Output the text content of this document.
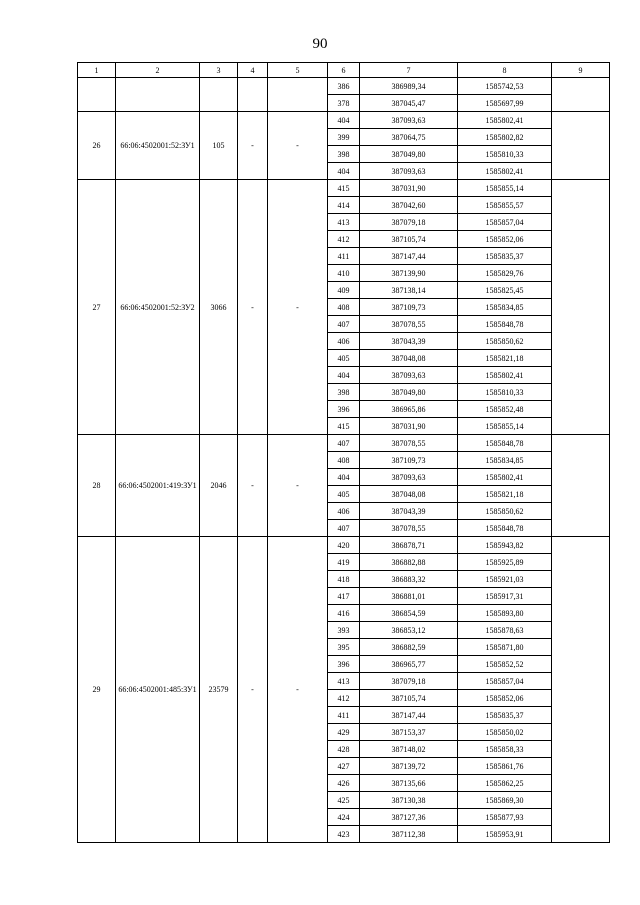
90
1	2	3	4	5	6	7	8	9
					386	386989,34	1585742,53	
					378	387045,47	1585697,99	
26	66:06:4502001:52:ЗУ1	105	-	-	404	387093,63	1585802,41	
					399	387064,75	1585802,82	
					398	387049,80	1585810,33	
					404	387093,63	1585802,41	
27	66:06:4502001:52:ЗУ2	3066	-	-	415	387031,90	1585855,14	
					414	387042,60	1585855,57	
					413	387079,18	1585857,04	
					412	387105,74	1585852,06	
					411	387147,44	1585835,37	
					410	387139,90	1585829,76	
					409	387138,14	1585825,45	
					408	387109,73	1585834,85	
					407	387078,55	1585848,78	
					406	387043,39	1585850,62	
					405	387048,08	1585821,18	
					404	387093,63	1585802,41	
					398	387049,80	1585810,33	
					396	386965,86	1585852,48	
					415	387031,90	1585855,14	
28	66:06:4502001:419:ЗУ1	2046	-	-	407	387078,55	1585848,78	
					408	387109,73	1585834,85	
					404	387093,63	1585802,41	
					405	387048,08	1585821,18	
					406	387043,39	1585850,62	
					407	387078,55	1585848,78	
29	66:06:4502001:485:ЗУ1	23579	-	-	420	386878,71	1585943,82	
					419	386882,88	1585925,89	
					418	386883,32	1585921,03	
					417	386881,01	1585917,31	
					416	386854,59	1585893,80	
					393	386853,12	1585878,63	
					395	386882,59	1585871,80	
					396	386965,77	1585852,52	
					413	387079,18	1585857,04	
					412	387105,74	1585852,06	
					411	387147,44	1585835,37	
					429	387153,37	1585850,02	
					428	387148,02	1585858,33	
					427	387139,72	1585861,76	
					426	387135,66	1585862,25	
					425	387130,38	1585869,30	
					424	387127,36	1585877,93	
					423	387112,38	1585953,91	
